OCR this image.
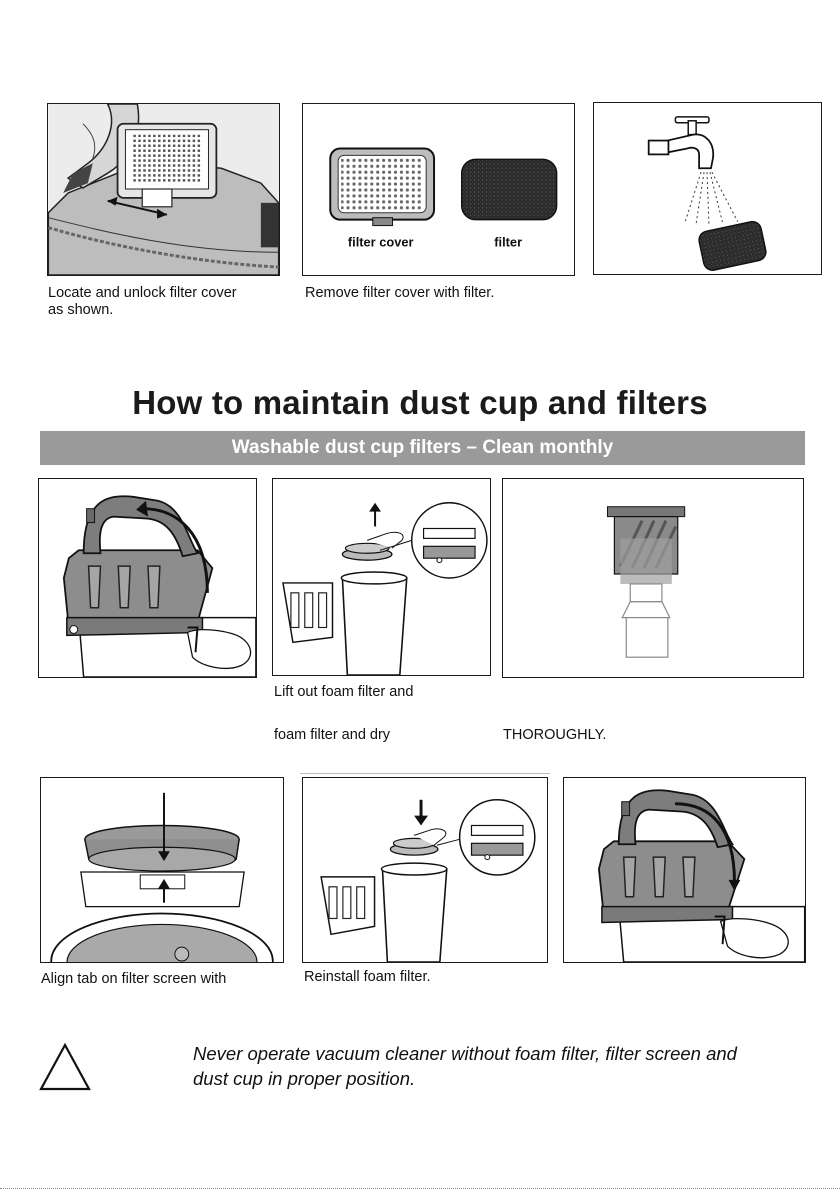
Locate and unlock filter cover
as shown.
filter cover	filter
Remove filter cover with filter.
How to maintain dust cup and filters
Washable dust cup filters – Clean monthly
Lift out foam filter and
foam filter and dry	THOROUGHLY.
Align tab on filter screen with	Reinstall foam filter.
Never operate vacuum cleaner without foam filter, filter screen and
dust cup in proper position.
